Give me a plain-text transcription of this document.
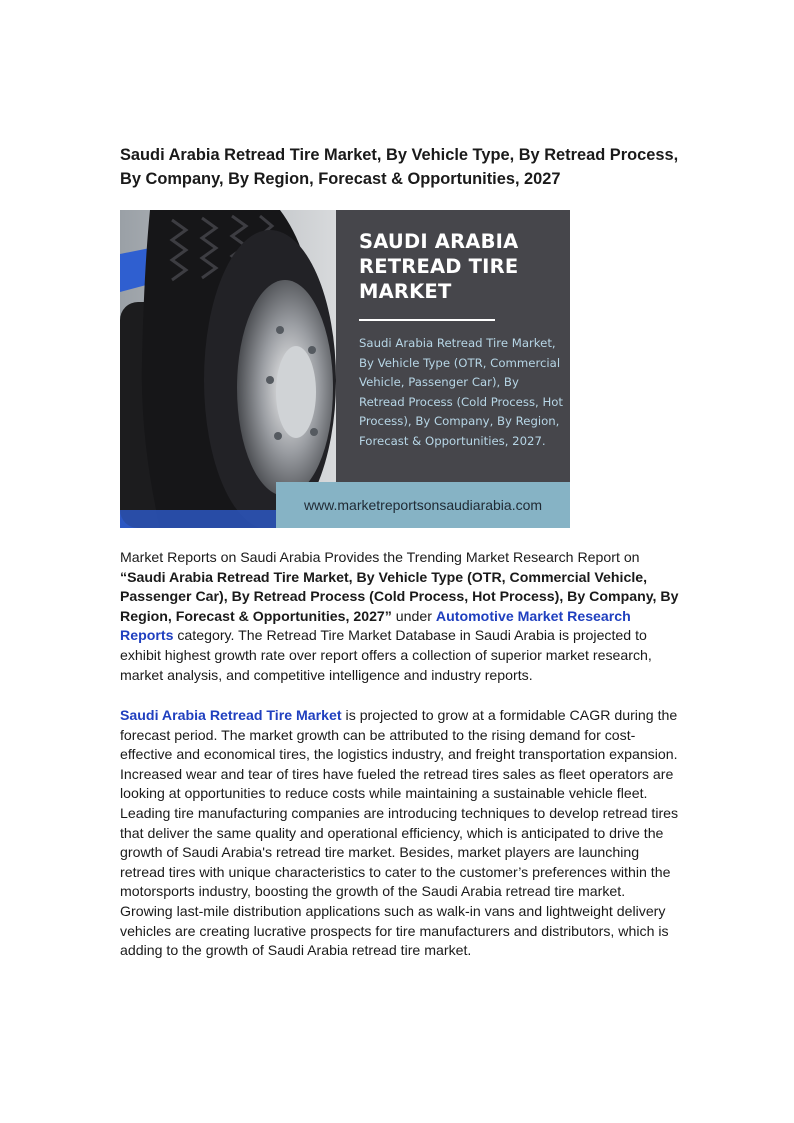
Saudi Arabia Retread Tire Market, By Vehicle Type, By Retread Process, By Company, By Region, Forecast & Opportunities, 2027
SAUDI ARABIA RETREAD TIRE MARKET

Saudi Arabia Retread Tire Market, By Vehicle Type (OTR, Commercial Vehicle, Passenger Car), By Retread Process (Cold Process, Hot Process), By Company, By Region, Forecast & Opportunities, 2027.

www.marketreportsonsaudiarabia.com

Market Reports on Saudi Arabia Provides the Trending Market Research Report on “Saudi Arabia Retread Tire Market, By Vehicle Type (OTR, Commercial Vehicle, Passenger Car), By Retread Process (Cold Process, Hot Process), By Company, By Region, Forecast & Opportunities, 2027” under Automotive Market Research Reports category. The Retread Tire Market Database in Saudi Arabia is projected to exhibit highest growth rate over report offers a collection of superior market research, market analysis, and competitive intelligence and industry reports.

Saudi Arabia Retread Tire Market is projected to grow at a formidable CAGR during the forecast period. The market growth can be attributed to the rising demand for cost-effective and economical tires, the logistics industry, and freight transportation expansion. Increased wear and tear of tires have fueled the retread tires sales as fleet operators are looking at opportunities to reduce costs while maintaining a sustainable vehicle fleet. Leading tire manufacturing companies are introducing techniques to develop retread tires that deliver the same quality and operational efficiency, which is anticipated to drive the growth of Saudi Arabia's retread tire market. Besides, market players are launching retread tires with unique characteristics to cater to the customer’s preferences within the motorsports industry, boosting the growth of the Saudi Arabia retread tire market. Growing last-mile distribution applications such as walk-in vans and lightweight delivery vehicles are creating lucrative prospects for tire manufacturers and distributors, which is adding to the growth of Saudi Arabia retread tire market.
